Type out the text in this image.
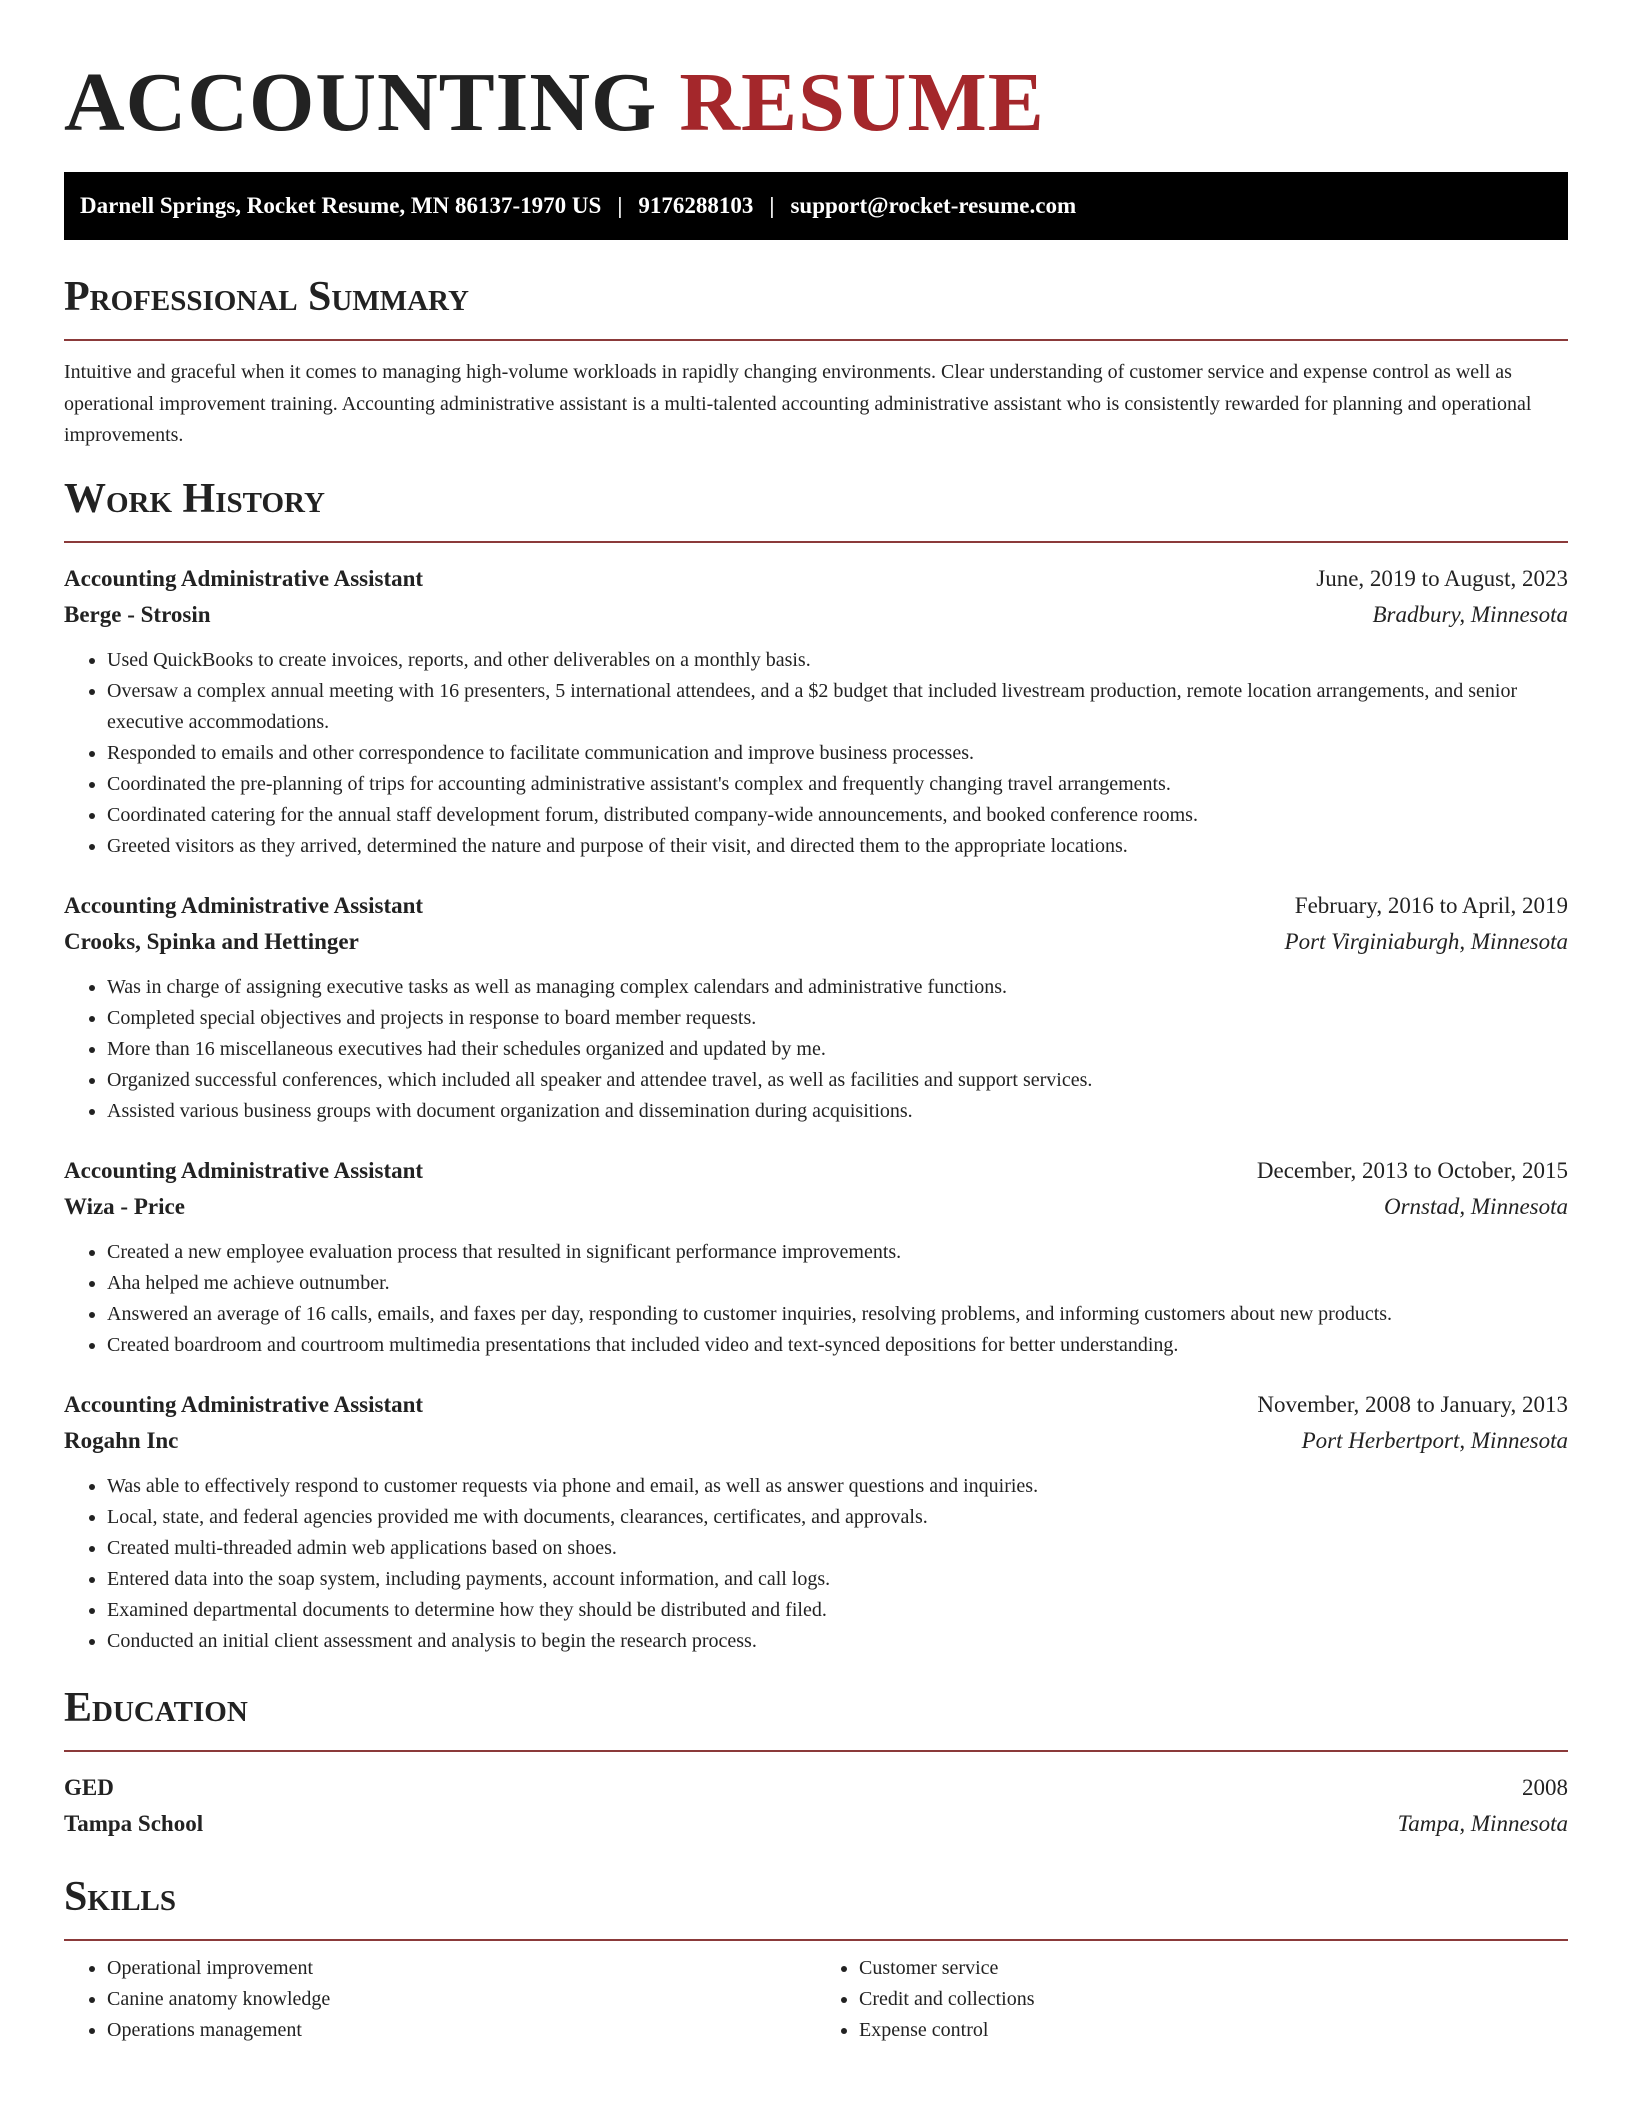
ACCOUNTING RESUME
Darnell Springs, Rocket Resume, MN 86137-1970 US | 9176288103 | support@rocket-resume.com
Professional Summary

Intuitive and graceful when it comes to managing high-volume workloads in rapidly changing environments. Clear understanding of customer service and expense control as well as operational improvement training. Accounting administrative assistant is a multi-talented accounting administrative assistant who is consistently rewarded for planning and operational improvements.

Work History
Accounting Administrative Assistant	June, 2019 to August, 2023
Berge - Strosin	Bradbury, Minnesota
• Used QuickBooks to create invoices, reports, and other deliverables on a monthly basis.
• Oversaw a complex annual meeting with 16 presenters, 5 international attendees, and a $2 budget that included livestream production, remote location arrangements, and senior executive accommodations.
• Responded to emails and other correspondence to facilitate communication and improve business processes.
• Coordinated the pre-planning of trips for accounting administrative assistant's complex and frequently changing travel arrangements.
• Coordinated catering for the annual staff development forum, distributed company-wide announcements, and booked conference rooms.
• Greeted visitors as they arrived, determined the nature and purpose of their visit, and directed them to the appropriate locations.
Accounting Administrative Assistant	February, 2016 to April, 2019
Crooks, Spinka and Hettinger	Port Virginiaburgh, Minnesota
• Was in charge of assigning executive tasks as well as managing complex calendars and administrative functions.
• Completed special objectives and projects in response to board member requests.
• More than 16 miscellaneous executives had their schedules organized and updated by me.
• Organized successful conferences, which included all speaker and attendee travel, as well as facilities and support services.
• Assisted various business groups with document organization and dissemination during acquisitions.
Accounting Administrative Assistant	December, 2013 to October, 2015
Wiza - Price	Ornstad, Minnesota
• Created a new employee evaluation process that resulted in significant performance improvements.
• Aha helped me achieve outnumber.
• Answered an average of 16 calls, emails, and faxes per day, responding to customer inquiries, resolving problems, and informing customers about new products.
• Created boardroom and courtroom multimedia presentations that included video and text-synced depositions for better understanding.
Accounting Administrative Assistant	November, 2008 to January, 2013
Rogahn Inc	Port Herbertport, Minnesota
• Was able to effectively respond to customer requests via phone and email, as well as answer questions and inquiries.
• Local, state, and federal agencies provided me with documents, clearances, certificates, and approvals.
• Created multi-threaded admin web applications based on shoes.
• Entered data into the soap system, including payments, account information, and call logs.
• Examined departmental documents to determine how they should be distributed and filed.
• Conducted an initial client assessment and analysis to begin the research process.
Education
GED	2008
Tampa School	Tampa, Minnesota
Skills
• Operational improvement
• Canine anatomy knowledge
• Operations management
• Customer service
• Credit and collections
• Expense control
